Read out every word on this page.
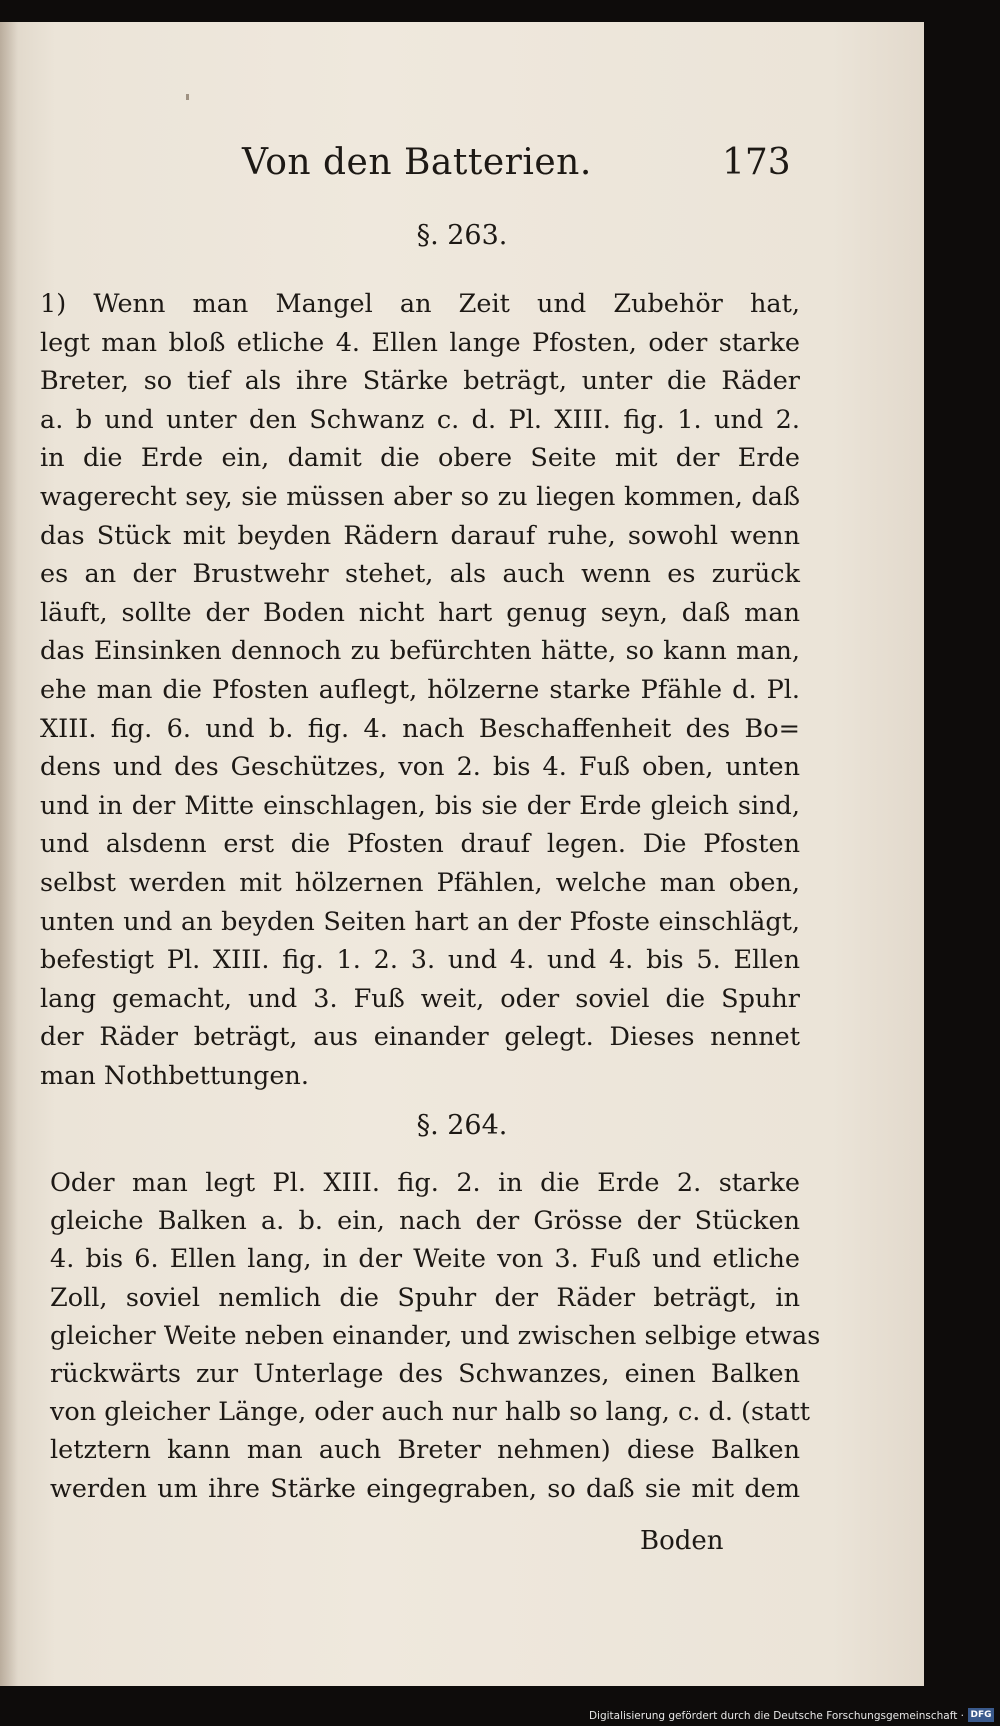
Von den Batterien.	173
§. 263.
1) Wenn man Mangel an Zeit und Zubehör hat,
legt man bloß etliche 4. Ellen lange Pfosten, oder starke
Breter, so tief als ihre Stärke beträgt, unter die Räder
a. b und unter den Schwanz c. d. Pl. XIII. fig. 1. und 2.
in die Erde ein, damit die obere Seite mit der Erde
wagerecht sey, sie müssen aber so zu liegen kommen, daß
das Stück mit beyden Rädern darauf ruhe, sowohl wenn
es an der Brustwehr stehet, als auch wenn es zurück
läuft, sollte der Boden nicht hart genug seyn, daß man
das Einsinken dennoch zu befürchten hätte, so kann man,
ehe man die Pfosten auflegt, hölzerne starke Pfähle d. Pl.
XIII. fig. 6. und b. fig. 4. nach Beschaffenheit des Bo=
dens und des Geschützes, von 2. bis 4. Fuß oben, unten
und in der Mitte einschlagen, bis sie der Erde gleich sind,
und alsdenn erst die Pfosten drauf legen. Die Pfosten
selbst werden mit hölzernen Pfählen, welche man oben,
unten und an beyden Seiten hart an der Pfoste einschlägt,
befestigt Pl. XIII. fig. 1. 2. 3. und 4. und 4. bis 5. Ellen
lang gemacht, und 3. Fuß weit, oder soviel die Spuhr
der Räder beträgt, aus einander gelegt. Dieses nennet
man Nothbettungen.
§. 264.
Oder man legt Pl. XIII. fig. 2. in die Erde 2. starke
gleiche Balken a. b. ein, nach der Grösse der Stücken
4. bis 6. Ellen lang, in der Weite von 3. Fuß und etliche
Zoll, soviel nemlich die Spuhr der Räder beträgt, in
gleicher Weite neben einander, und zwischen selbige etwas
rückwärts zur Unterlage des Schwanzes, einen Balken
von gleicher Länge, oder auch nur halb so lang, c. d. (statt
letztern kann man auch Breter nehmen) diese Balken
werden um ihre Stärke eingegraben, so daß sie mit dem
Boden
Digitalisierung gefördert durch die Deutsche Forschungsgemeinschaft · DFG
